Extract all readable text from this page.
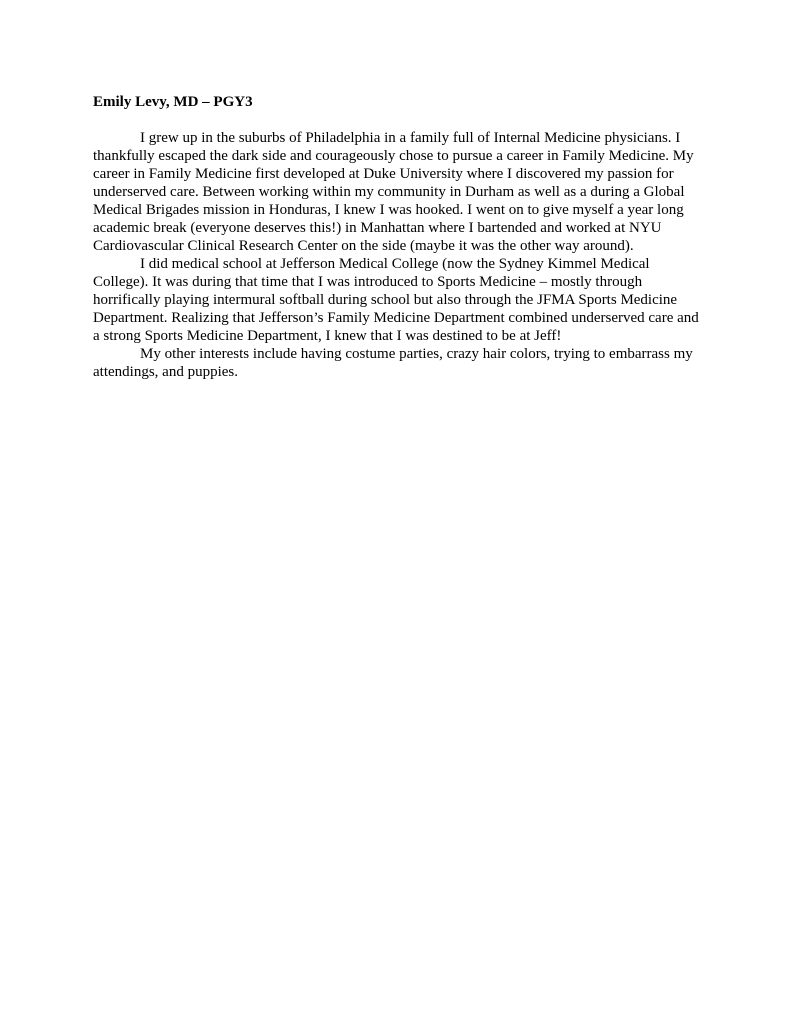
Emily Levy, MD – PGY3

I grew up in the suburbs of Philadelphia in a family full of Internal Medicine physicians. I thankfully escaped the dark side and courageously chose to pursue a career in Family Medicine. My career in Family Medicine first developed at Duke University where I discovered my passion for underserved care. Between working within my community in Durham as well as a during a Global Medical Brigades mission in Honduras, I knew I was hooked. I went on to give myself a year long academic break (everyone deserves this!) in Manhattan where I bartended and worked at NYU Cardiovascular Clinical Research Center on the side (maybe it was the other way around).

I did medical school at Jefferson Medical College (now the Sydney Kimmel Medical College). It was during that time that I was introduced to Sports Medicine – mostly through horrifically playing intermural softball during school but also through the JFMA Sports Medicine Department. Realizing that Jefferson’s Family Medicine Department combined underserved care and a strong Sports Medicine Department, I knew that I was destined to be at Jeff!

My other interests include having costume parties, crazy hair colors, trying to embarrass my attendings, and puppies.
